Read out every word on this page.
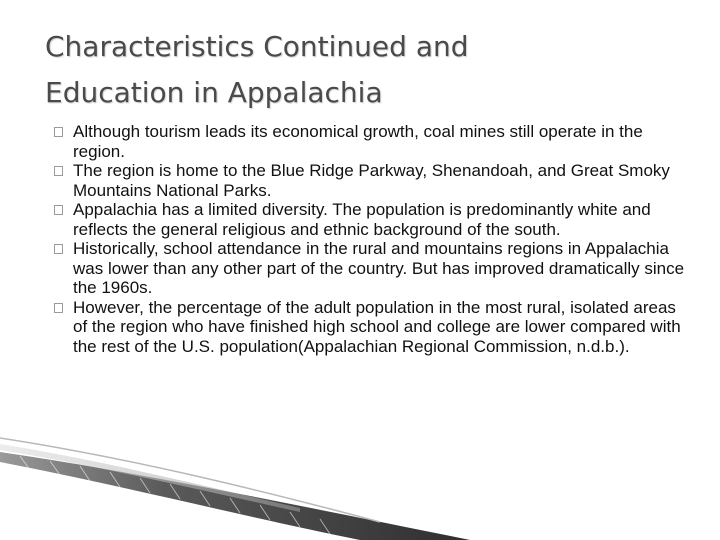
Characteristics Continued and
Education in Appalachia
Although tourism leads its economical growth, coal mines still operate in the region.
The region is home to the Blue Ridge Parkway, Shenandoah, and Great Smoky Mountains National Parks.
Appalachia has a limited diversity. The population is predominantly white and reflects the general religious and ethnic background of the south.
Historically, school attendance in the rural and mountains regions in Appalachia was lower than any other part of the country. But has improved dramatically since the 1960s.
However, the percentage of the adult population in the most rural, isolated areas of the region who have finished high school and college are lower compared with the rest of the U.S. population(Appalachian Regional Commission, n.d.b.).
